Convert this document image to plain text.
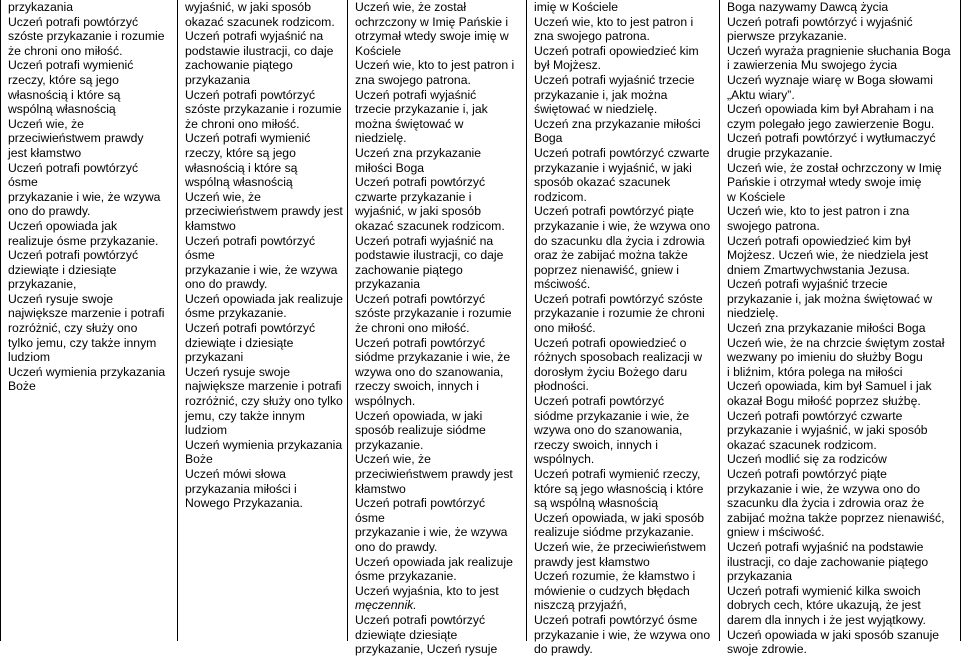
przykazania
Uczeń potrafi powtórzyć
szóste przykazanie i rozumie
że chroni ono miłość.
Uczeń potrafi wymienić
rzeczy, które są jego
własnością i które są
wspólną własnością
Uczeń wie, że
przeciwieństwem prawdy
jest kłamstwo
Uczeń potrafi powtórzyć
ósme
przykazanie i wie, że wzywa
ono do prawdy.
Uczeń opowiada jak
realizuje ósme przykazanie.
Uczeń potrafi powtórzyć
dziewiąte i dziesiąte
przykazanie,
Uczeń rysuje swoje
największe marzenie i potrafi
rozróżnić, czy służy ono
tylko jemu, czy także innym
ludziom
Uczeń wymienia przykazania
Boże
wyjaśnić, w jaki sposób
okazać szacunek rodzicom.
Uczeń potrafi wyjaśnić na
podstawie ilustracji, co daje
zachowanie piątego
przykazania
Uczeń potrafi powtórzyć
szóste przykazanie i rozumie
że chroni ono miłość.
Uczeń potrafi wymienić
rzeczy, które są jego
własnością i które są
wspólną własnością
Uczeń wie, że
przeciwieństwem prawdy jest
kłamstwo
Uczeń potrafi powtórzyć
ósme
przykazanie i wie, że wzywa
ono do prawdy.
Uczeń opowiada jak realizuje
ósme przykazanie.
Uczeń potrafi powtórzyć
dziewiąte i dziesiąte
przykazani
Uczeń rysuje swoje
największe marzenie i potrafi
rozróżnić, czy służy ono tylko
jemu, czy także innym
ludziom
Uczeń wymienia przykazania
Boże
Uczeń mówi słowa
przykazania miłości i
Nowego Przykazania.
Uczeń wie, że został
ochrzczony w Imię Pańskie i
otrzymał wtedy swoje imię w
Kościele
Uczeń wie, kto to jest patron i
zna swojego patrona.
Uczeń potrafi wyjaśnić
trzecie przykazanie i, jak
można świętować w
niedzielę.
Uczeń zna przykazanie
miłości Boga
Uczeń potrafi powtórzyć
czwarte przykazanie i
wyjaśnić, w jaki sposób
okazać szacunek rodzicom.
Uczeń potrafi wyjaśnić na
podstawie ilustracji, co daje
zachowanie piątego
przykazania
Uczeń potrafi powtórzyć
szóste przykazanie i rozumie
że chroni ono miłość.
Uczeń potrafi powtórzyć
siódme przykazanie i wie, że
wzywa ono do szanowania,
rzeczy swoich, innych i
wspólnych.
Uczeń opowiada, w jaki
sposób realizuje siódme
przykazanie.
Uczeń wie, że
przeciwieństwem prawdy jest
kłamstwo
Uczeń potrafi powtórzyć
ósme
przykazanie i wie, że wzywa
ono do prawdy.
Uczeń opowiada jak realizuje
ósme przykazanie.
Uczeń wyjaśnia, kto to jest
męczennik.
Uczeń potrafi powtórzyć
dziewiąte dziesiąte
przykazanie, Uczeń rysuje
imię w Kościele
Uczeń wie, kto to jest patron i
zna swojego patrona.
Uczeń potrafi opowiedzieć kim
był Mojżesz.
Uczeń potrafi wyjaśnić trzecie
przykazanie i, jak można
świętować w niedzielę.
Uczeń zna przykazanie miłości
Boga
Uczeń potrafi powtórzyć czwarte
przykazanie i wyjaśnić, w jaki
sposób okazać szacunek
rodzicom.
Uczeń potrafi powtórzyć piąte
przykazanie i wie, że wzywa ono
do szacunku dla życia i zdrowia
oraz że zabijać można także
poprzez nienawiść, gniew i
mściwość.
Uczeń potrafi powtórzyć szóste
przykazanie i rozumie że chroni
ono miłość.
Uczeń potrafi opowiedzieć o
różnych sposobach realizacji w
dorosłym życiu Bożego daru
płodności.
Uczeń potrafi powtórzyć
siódme przykazanie i wie, że
wzywa ono do szanowania,
rzeczy swoich, innych i
wspólnych.
Uczeń potrafi wymienić rzeczy,
które są jego własnością i które
są wspólną własnością
Uczeń opowiada, w jaki sposób
realizuje siódme przykazanie.
Uczeń wie, że przeciwieństwem
prawdy jest kłamstwo
Uczeń rozumie, że kłamstwo i
mówienie o cudzych błędach
niszczą przyjaźń,
Uczeń potrafi powtórzyć ósme
przykazanie i wie, że wzywa ono
do prawdy.
Boga nazywamy Dawcą życia
Uczeń potrafi powtórzyć i wyjaśnić
pierwsze przykazanie.
Uczeń wyraża pragnienie słuchania Boga
i zawierzenia Mu swojego życia
Uczeń wyznaje wiarę w Boga słowami
„Aktu wiary”.
Uczeń opowiada kim był Abraham i na
czym polegało jego zawierzenie Bogu.
Uczeń potrafi powtórzyć i wytłumaczyć
drugie przykazanie.
Uczeń wie, że został ochrzczony w Imię
Pańskie i otrzymał wtedy swoje imię
w Kościele
Uczeń wie, kto to jest patron i zna
swojego patrona.
Uczeń potrafi opowiedzieć kim był
Mojżesz. Uczeń wie, że niedziela jest
dniem Zmartwychwstania Jezusa.
Uczeń potrafi wyjaśnić trzecie
przykazanie i, jak można świętować w
niedzielę.
Uczeń zna przykazanie miłości Boga
Uczeń wie, że na chrzcie świętym został
wezwany po imieniu do służby Bogu
i bliźnim, która polega na miłości
Uczeń opowiada, kim był Samuel i jak
okazał Bogu miłość poprzez służbę.
Uczeń potrafi powtórzyć czwarte
przykazanie i wyjaśnić, w jaki sposób
okazać szacunek rodzicom.
Uczeń modlić się za rodziców
Uczeń potrafi powtórzyć piąte
przykazanie i wie, że wzywa ono do
szacunku dla życia i zdrowia oraz że
zabijać można także poprzez nienawiść,
gniew i mściwość.
Uczeń potrafi wyjaśnić na podstawie
ilustracji, co daje zachowanie piątego
przykazania
Uczeń potrafi wymienić kilka swoich
dobrych cech, które ukazują, że jest
darem dla innych i że jest wyjątkowy.
Uczeń opowiada w jaki sposób szanuje
swoje zdrowie.
